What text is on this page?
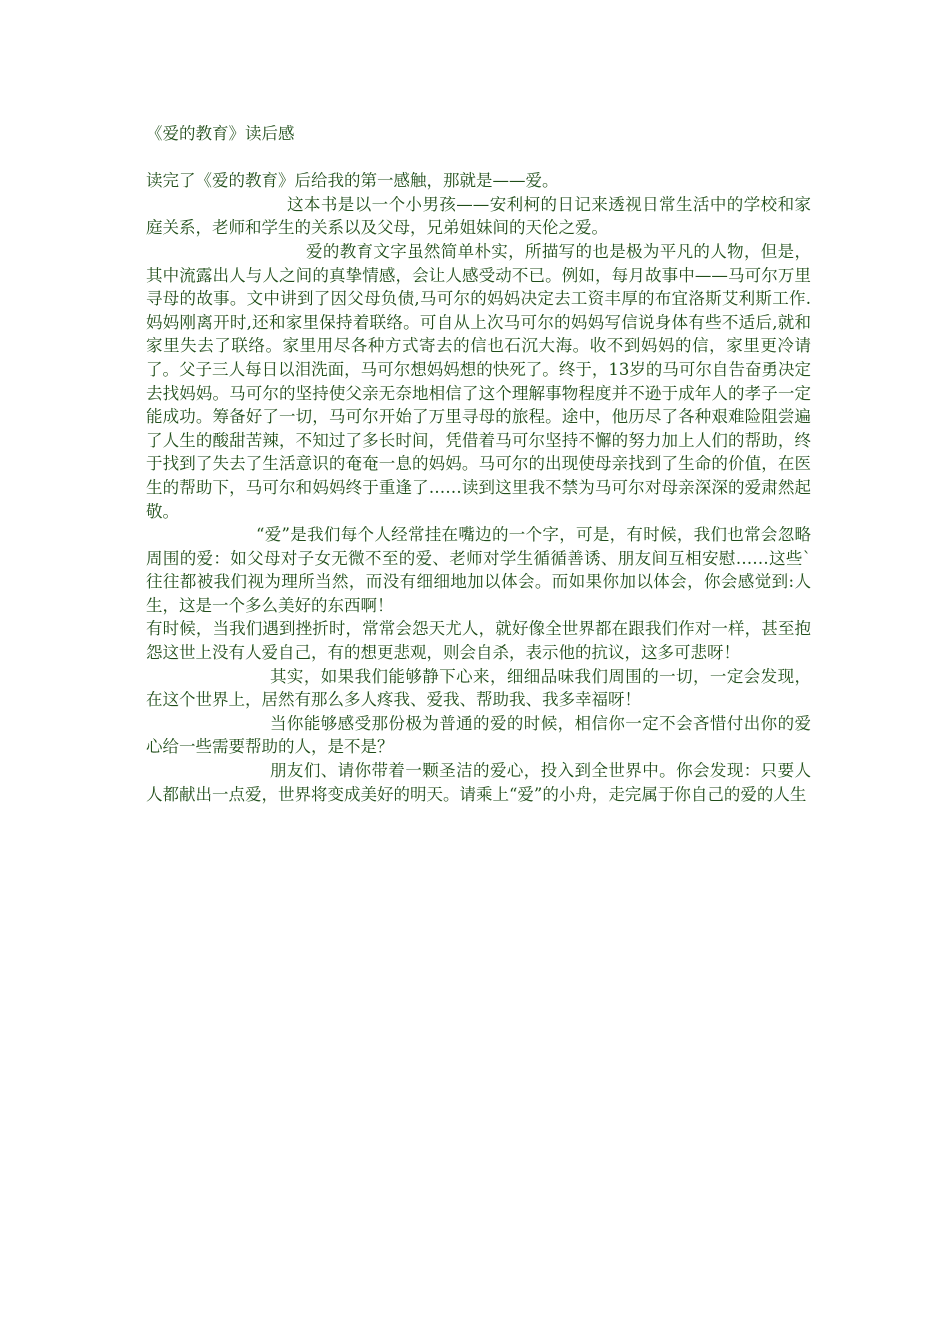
《爱的教育》读后感

读完了《爱的教育》后给我的第一感触，那就是——爱。

这本书是以一个小男孩——安利柯的日记来透视日常生活中的学校和家庭关系，老师和学生的关系以及父母，兄弟姐妹间的天伦之爱。

爱的教育文字虽然简单朴实，所描写的也是极为平凡的人物，但是，其中流露出人与人之间的真挚情感，会让人感受动不已。例如，每月故事中——马可尔万里寻母的故事。文中讲到了因父母负债,马可尔的妈妈决定去工资丰厚的布宜洛斯艾利斯工作.妈妈刚离开时,还和家里保持着联络。可自从上次马可尔的妈妈写信说身体有些不适后,就和家里失去了联络。家里用尽各种方式寄去的信也石沉大海。收不到妈妈的信，家里更冷请了。父子三人每日以泪洗面，马可尔想妈妈想的快死了。终于，13岁的马可尔自告奋勇决定去找妈妈。马可尔的坚持使父亲无奈地相信了这个理解事物程度并不逊于成年人的孝子一定能成功。筹备好了一切，马可尔开始了万里寻母的旅程。途中，他历尽了各种艰难险阻尝遍了人生的酸甜苦辣，不知过了多长时间，凭借着马可尔坚持不懈的努力加上人们的帮助，终于找到了失去了生活意识的奄奄一息的妈妈。马可尔的出现使母亲找到了生命的价值，在医生的帮助下，马可尔和妈妈终于重逢了……读到这里我不禁为马可尔对母亲深深的爱肃然起敬。

“爱”是我们每个人经常挂在嘴边的一个字，可是，有时候，我们也常会忽略周围的爱：如父母对子女无微不至的爱、老师对学生循循善诱、朋友间互相安慰……这些`往往都被我们视为理所当然，而没有细细地加以体会。而如果你加以体会，你会感觉到:人生，这是一个多么美好的东西啊！

有时候，当我们遇到挫折时，常常会怨天尤人，就好像全世界都在跟我们作对一样，甚至抱怨这世上没有人爱自己，有的想更悲观，则会自杀，表示他的抗议，这多可悲呀！

其实，如果我们能够静下心来，细细品味我们周围的一切，一定会发现，在这个世界上，居然有那么多人疼我、爱我、帮助我、我多幸福呀！

当你能够感受那份极为普通的爱的时候，相信你一定不会吝惜付出你的爱心给一些需要帮助的人，是不是？

朋友们、请你带着一颗圣洁的爱心，投入到全世界中。你会发现：只要人人都献出一点爱，世界将变成美好的明天。请乘上“爱”的小舟，走完属于你自己的爱的人生
